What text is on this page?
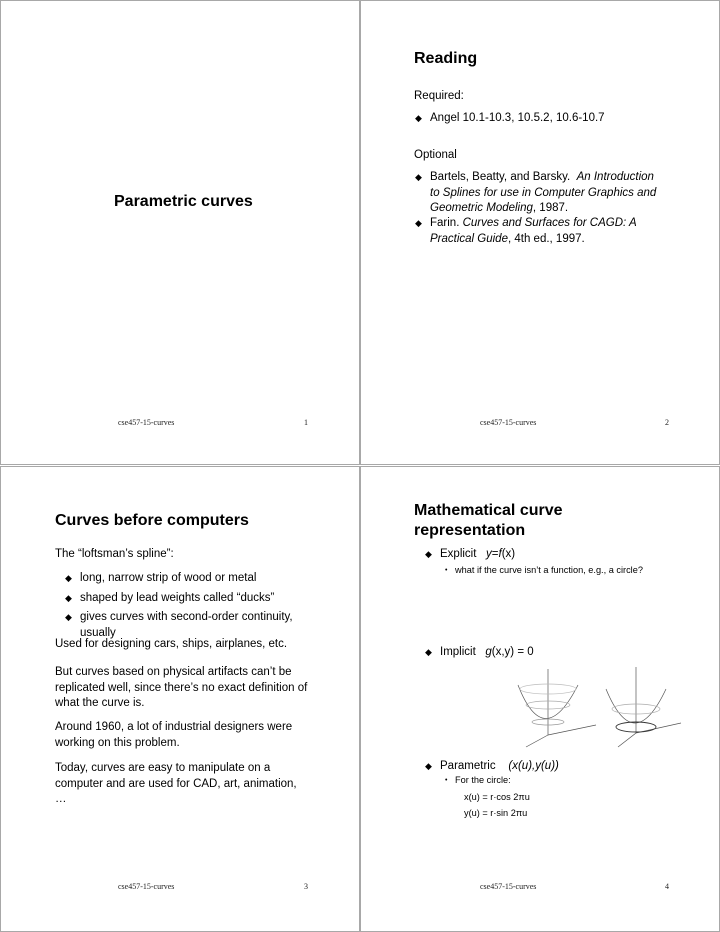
Parametric curves
cse457-15-curves	1
Reading
Required:
◆ Angel 10.1-10.3, 10.5.2, 10.6-10.7
Optional
◆ Bartels, Beatty, and Barsky. An Introduction
to Splines for use in Computer Graphics and
Geometric Modeling, 1987.
◆ Farin. Curves and Surfaces for CAGD: A
Practical Guide, 4th ed., 1997.
cse457-15-curves	2
Curves before computers
The “loftsman’s spline”:
◆ long, narrow strip of wood or metal
◆ shaped by lead weights called “ducks”
◆ gives curves with second-order continuity,
usually
Used for designing cars, ships, airplanes, etc.
But curves based on physical artifacts can’t be
replicated well, since there’s no exact definition of
what the curve is.
Around 1960, a lot of industrial designers were
working on this problem.
Today, curves are easy to manipulate on a
computer and are used for CAD, art, animation,
…
cse457-15-curves	3
Mathematical curve
representation
◆ Explicit y=f(x)
• what if the curve isn’t a function, e.g., a circle?
◆ Implicit g(x,y) = 0
◆ Parametric (x(u),y(u))
• For the circle:
x(u) = r·cos 2πu
y(u) = r·sin 2πu
cse457-15-curves	4
